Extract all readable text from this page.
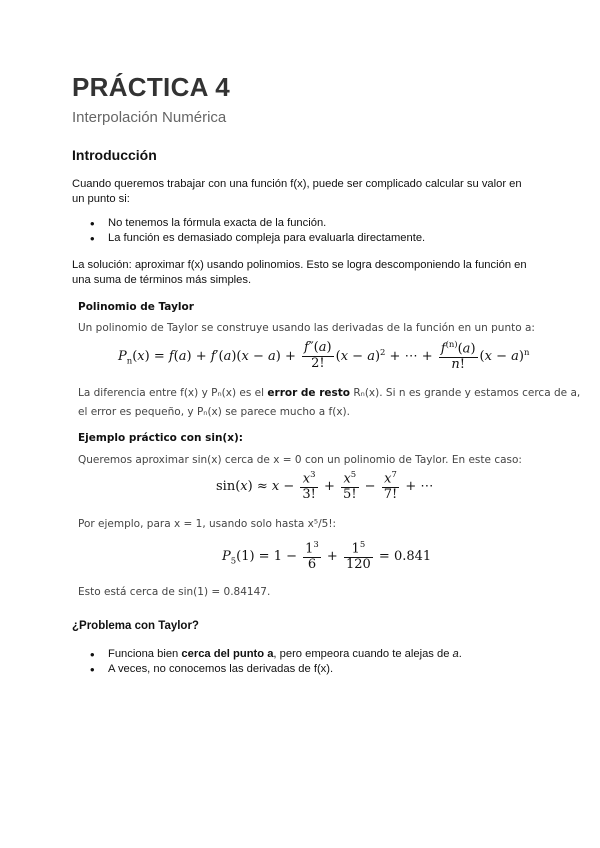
PRÁCTICA 4
Interpolación Numérica
Introducción
Cuando queremos trabajar con una función f(x), puede ser complicado calcular su valor en un punto si:
• No tenemos la fórmula exacta de la función.
• La función es demasiado compleja para evaluarla directamente.
La solución: aproximar f(x) usando polinomios. Esto se logra descomponiendo la función en una suma de términos más simples.
Polinomio de Taylor
Un polinomio de Taylor se construye usando las derivadas de la función en un punto a:
$P_n(x) = f(a) + f'(a)(x - a) + \frac{f''(a)}{2!} (x - a)^2$ + ⋯ + $\frac{f^{(n)}(a)}{n!} (x - a)^n$
La diferencia entre f(x) y Pₙ(x) es el error de resto Rₙ(x). Si n es grande y estamos cerca de a,
el error es pequeño, y Pₙ(x) se parece mucho a f(x).
Ejemplo práctico con sin(x):
Queremos aproximar sin(x) cerca de x = 0 con un polinomio de Taylor. En este caso:
$\sin(x) \approx x - \frac{x^3}{3!} + \frac{x^5}{5!} - \frac{x^7}{7!}$ + ⋯
Por ejemplo, para x = 1, usando solo hasta x⁵/5!:
$P_5(1) = 1 - \frac{1^3}{6} + \frac{1^5}{120} = 0.841$
Esto está cerca de sin(1) = 0.84147.
¿Problema con Taylor?
• Funciona bien cerca del punto a, pero empeora cuando te alejas de a.
• A veces, no conocemos las derivadas de f(x).
